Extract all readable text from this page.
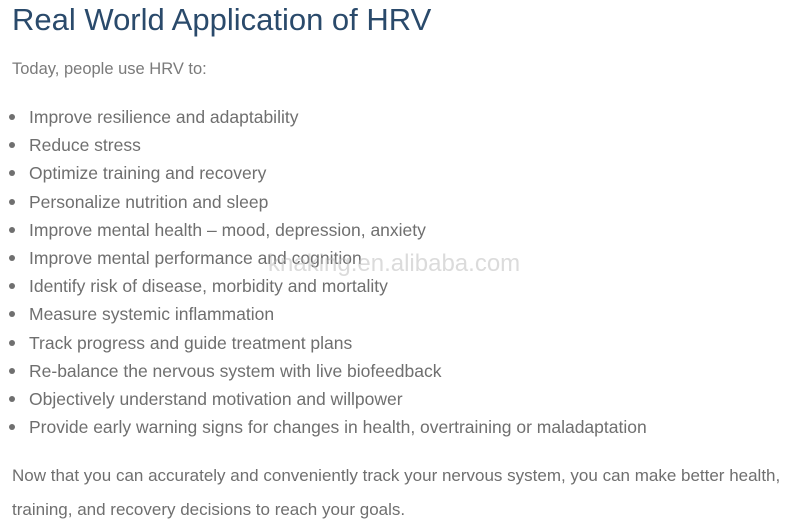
Real World Application of HRV

Today, people use HRV to:

Improve resilience and adaptability
Reduce stress
Optimize training and recovery
Personalize nutrition and sleep
Improve mental health – mood, depression, anxiety
Improve mental performance and cognition
Identify risk of disease, morbidity and mortality
Measure systemic inflammation
Track progress and guide treatment plans
Re-balance the nervous system with live biofeedback
Objectively understand motivation and willpower
Provide early warning signs for changes in health, overtraining or maladaptation

Now that you can accurately and conveniently track your nervous system, you can make better health, training, and recovery decisions to reach your goals.

knaking.en.alibaba.com
